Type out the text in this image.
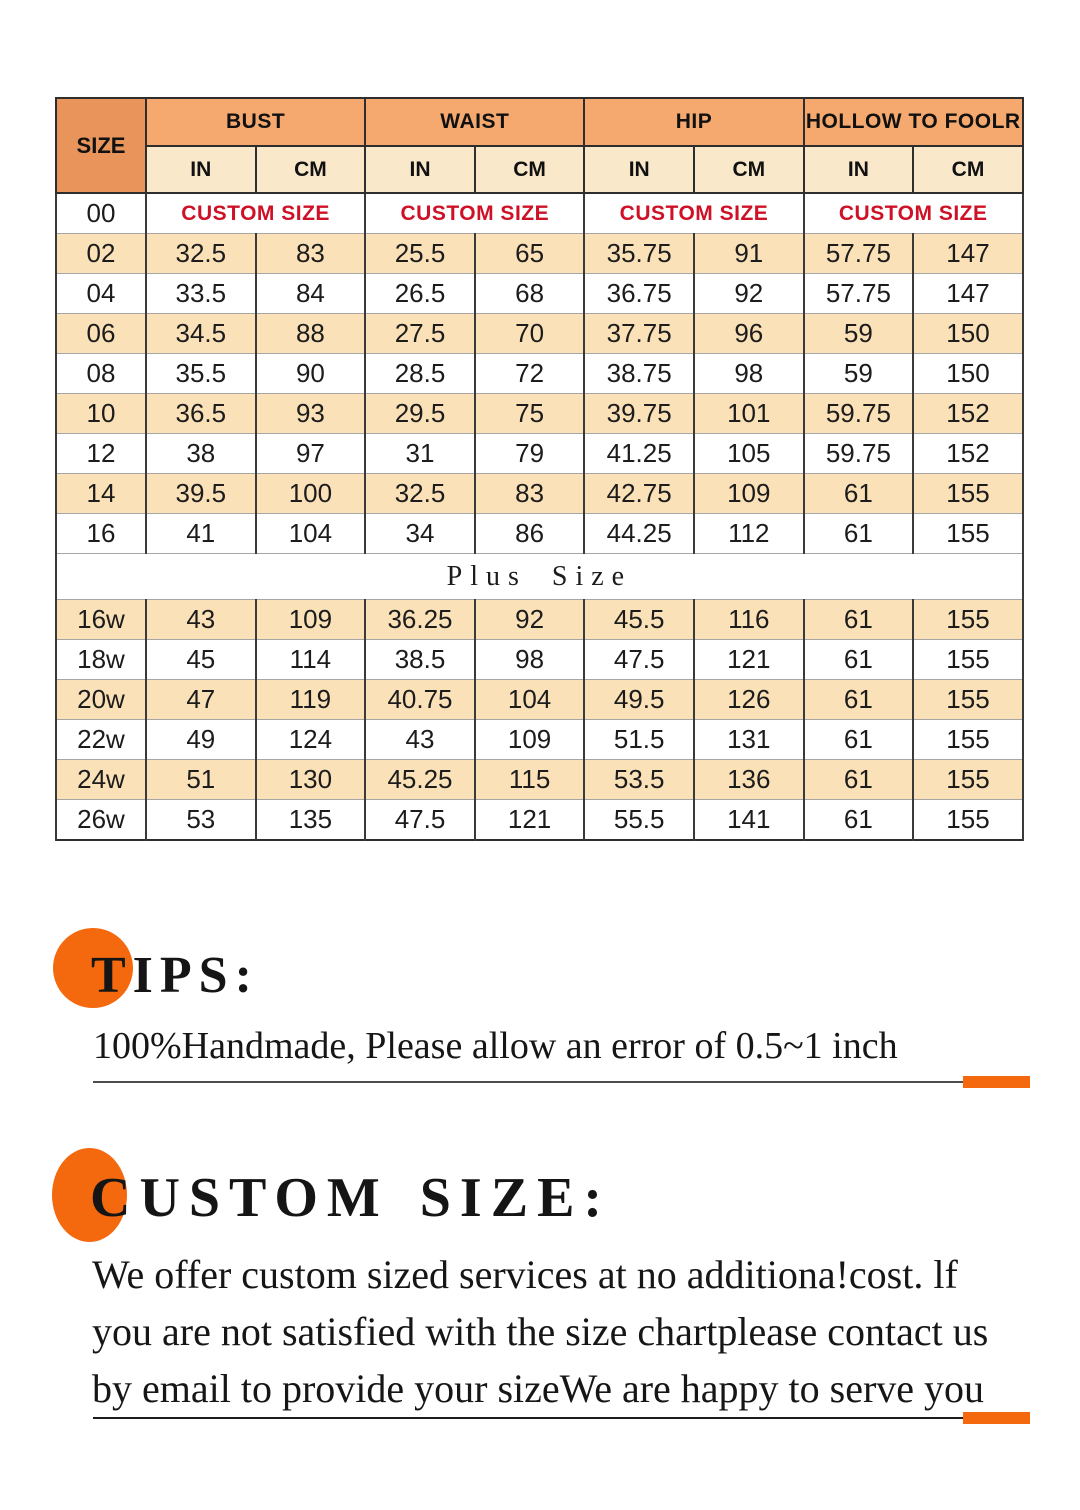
SIZE	BUST		WAIST		HIP		HOLLOW TO FOOLR	
	IN	CM	IN	CM	IN	CM	IN	CM
00	CUSTOM SIZE		CUSTOM SIZE		CUSTOM SIZE		CUSTOM SIZE	
02	32.5	83	25.5	65	35.75	91	57.75	147
04	33.5	84	26.5	68	36.75	92	57.75	147
06	34.5	88	27.5	70	37.75	96	59	150
08	35.5	90	28.5	72	38.75	98	59	150
10	36.5	93	29.5	75	39.75	101	59.75	152
12	38	97	31	79	41.25	105	59.75	152
14	39.5	100	32.5	83	42.75	109	61	155
16	41	104	34	86	44.25	112	61	155
Plus Size								
16w	43	109	36.25	92	45.5	116	61	155
18w	45	114	38.5	98	47.5	121	61	155
20w	47	119	40.75	104	49.5	126	61	155
22w	49	124	43	109	51.5	131	61	155
24w	51	130	45.25	115	53.5	136	61	155
26w	53	135	47.5	121	55.5	141	61	155
TIPS:

100%Handmade, Please allow an error of 0.5~1 inch

CUSTOM SIZE:

We offer custom sized services at no additiona!cost. lf
you are not satisfied with the size chartplease contact us
by email to provide your sizeWe are happy to serve you
